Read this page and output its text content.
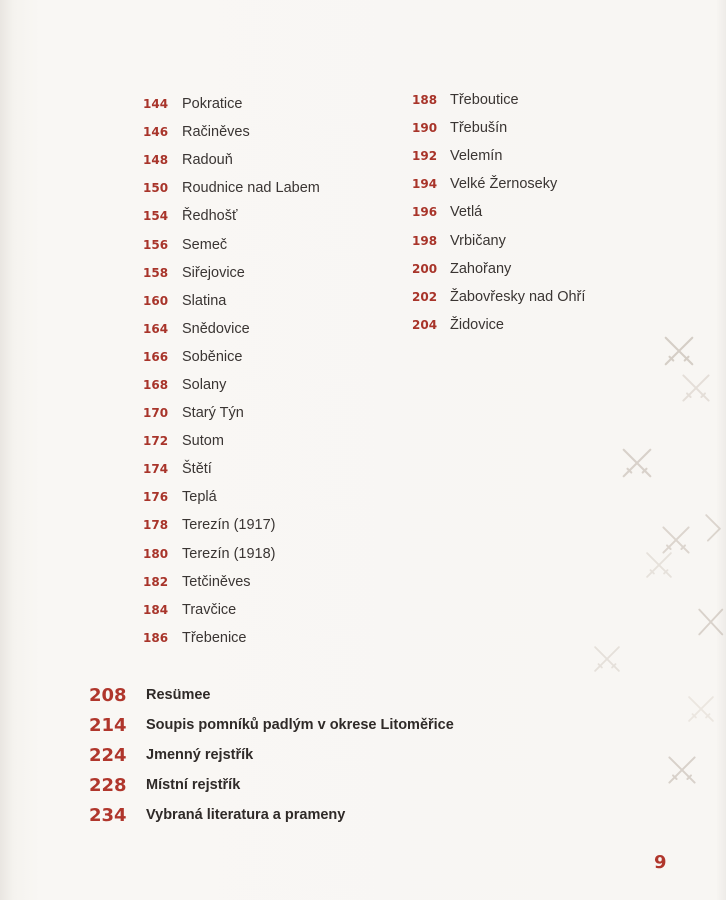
144 Pokratice
146 Račiněves
148 Radouň
150 Roudnice nad Labem
154 Ředhošť
156 Semeč
158 Siřejovice
160 Slatina
164 Snědovice
166 Soběnice
168 Solany
170 Starý Týn
172 Sutom
174 Štětí
176 Teplá
178 Terezín (1917)
180 Terezín (1918)
182 Tetčiněves
184 Travčice
186 Třebenice
188 Třeboutice
190 Třebušín
192 Velemín
194 Velké Žernoseky
196 Vetlá
198 Vrbičany
200 Zahořany
202 Žabovřesky nad Ohří
204 Židovice
208	Resümee
214	Soupis pomníků padlým v okrese Litoměřice
224	Jmenný rejstřík
228	Místní rejstřík
234	Vybraná literatura a prameny
9
